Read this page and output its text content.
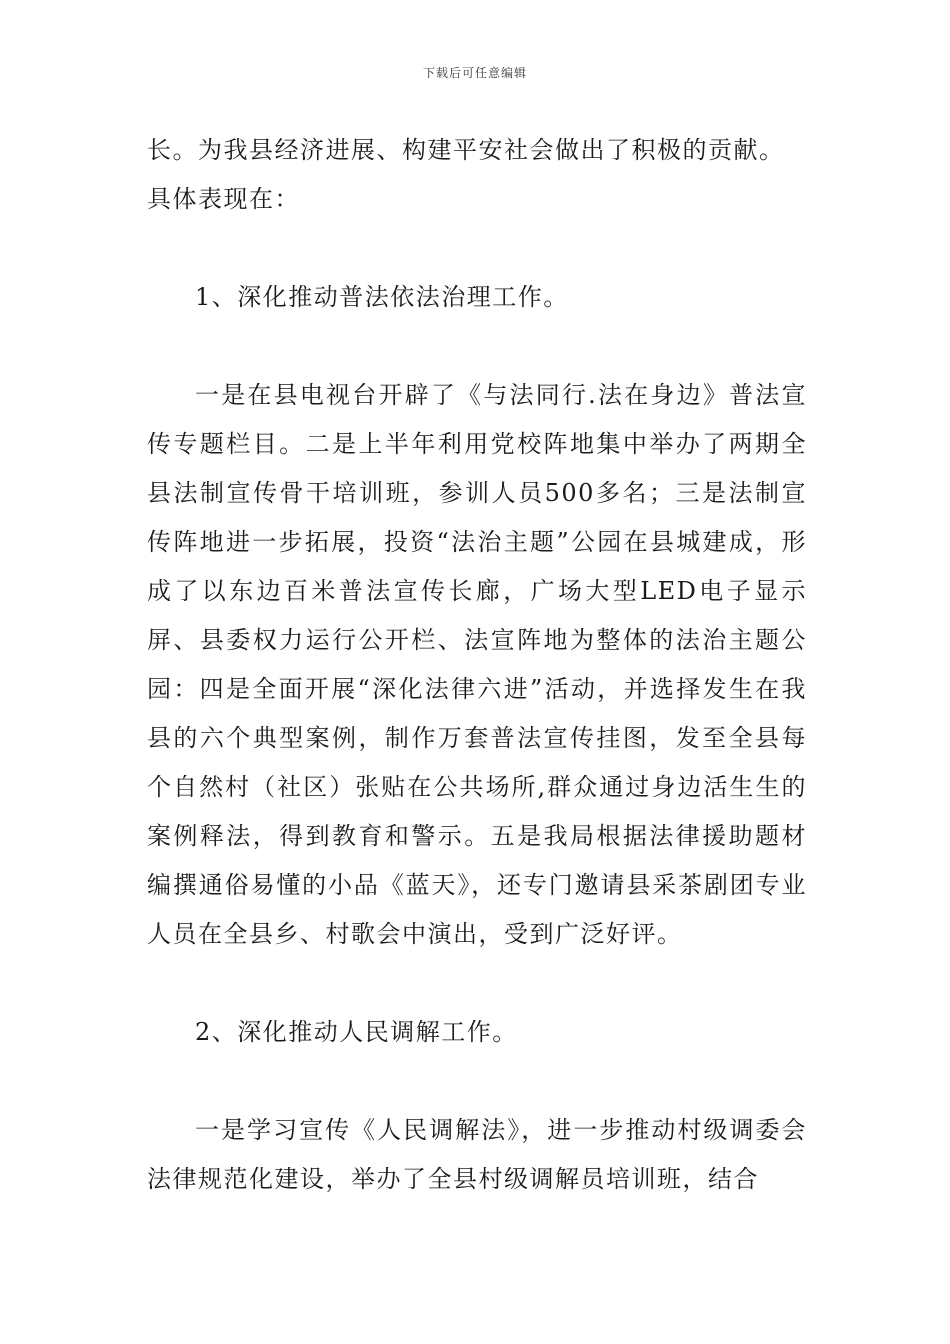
下载后可任意编辑

长。为我县经济进展、构建平安社会做出了积极的贡献。

具体表现在：

1、深化推动普法依法治理工作。

一是在县电视台开辟了《与法同行.法在身边》普法宣传专题栏目。二是上半年利用党校阵地集中举办了两期全县法制宣传骨干培训班，参训人员500多名；三是法制宣传阵地进一步拓展，投资“法治主题”公园在县城建成，形成了以东边百米普法宣传长廊，广场大型LED电子显示屏、县委权力运行公开栏、法宣阵地为整体的法治主题公园：四是全面开展“深化法律六进”活动，并选择发生在我县的六个典型案例，制作万套普法宣传挂图，发至全县每个自然村（社区）张贴在公共场所,群众通过身边活生生的案例释法，得到教育和警示。五是我局根据法律援助题材编撰通俗易懂的小品《蓝天》，还专门邀请县采茶剧团专业人员在全县乡、村歌会中演出，受到广泛好评。

2、深化推动人民调解工作。

一是学习宣传《人民调解法》，进一步推动村级调委会法律规范化建设，举办了全县村级调解员培训班，结合
